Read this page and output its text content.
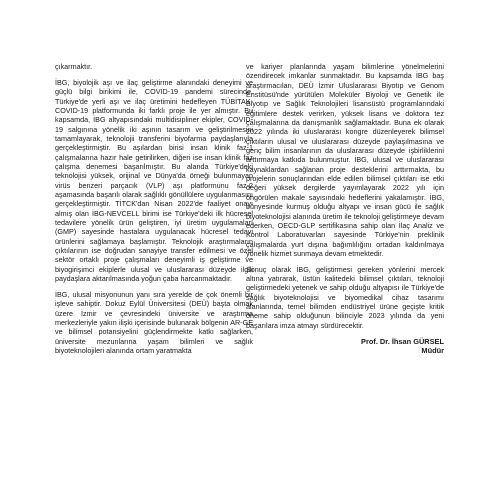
çıkarmaktır.

İBG, biyolojik aşı ve ilaç geliştirme alanındaki deneyimi ve güçlü bilgi birikimi ile, COVID-19 pandemi sürecinde, Türkiye'de yerli aşı ve ilaç üretimini hedefleyen TÜBİTAK-COVID-19 platformunda iki farklı proje ile yer almıştır. Bu kapsamda, İBG altyapısındaki multidisipliner ekipler, COVID-19 salgınına yönelik iki aşının tasarım ve geliştirilmesini tamamlayarak, teknolojii transferini biyofarma paydaşlarıyla gerçekleştirmiştir. Bu aşılardan birisi insan klinik faz-1 çalışmalarına hazır hale getirilirken, diğeri ise insan klinik faz çalışma denemesi başarılmıştır. Bu alanda Türkiye'deki teknolojisi yüksek, orijinal ve Dünya'da örneği bulunmayan virüs benzeri parçacık (VLP) aşı platformunu faz-2 aşamasında başarılı olarak sağlıklı gönüllülere uygulanmasını gerçekleştirmiştir. TİTCK'dan Nisan 2022'de faaliyet onayı almış olan İBG-NEVCELL birimi ise Türkiye'deki ilk hücresel tedavilere yönelik ürün geliştiren, iyi üretim uygulamaları (GMP) sayesinde hastalara uygulanacak hücresel tedavi ürünlerini sağlamaya başlamıştır. Teknolojik araştırmaların çıktılarının ise doğrudan sanayiye transfer edilmesi ve özel sektör ortaklı proje çalışmaları deneyimli iş geliştirme ve biyogirişimci ekiplerle ulusal ve uluslararası düzeyde ilgili paydaşlara aktarılmasında yoğun çaba harcanmaktadır.

İBG, ulusal misyonunun yanı sıra yerelde de çok önemli bir işleve sahiptir. Dokuz Eylül Üniversitesi (DEÜ) başta olmak üzere İzmir ve çevresindeki üniversite ve araştırma merkezleriyle yakın ilişki içerisinde bulunarak bölgenin AR-GE ve bilimsel potansiyelini güçlendirmekte katkı sağlarken, üniversite mezunlarına yaşam bilimleri ve sağlık biyoteknolojileri alanında ortam yaratmakta

ve kariyer planlarında yaşam bilimlerine yönelmelerini özendirecek imkanlar sunmaktadır. Bu kapsamda İBG baş araştırmacıları, DEÜ İzmir Uluslararası Biyotıp ve Genom Enstitüsü'nde yürütülen Moleküler Biyoloji ve Genetik ile Biyotıp ve Sağlık Teknolojileri lisansüstü programlarındaki eğitimlere destek verirken, yüksek lisans ve doktora tez çalışmalarına da danışmanlık sağlamaktadır. Buna ek olarak 2022 yılında iki uluslararası kongre düzenleyerek bilimsel çıktıların ulusal ve uluslararası düzeyde paylaşılmasına ve genç bilim insanlarının da uluslararası düzeyde işbirliklerini arttırmaya katkıda bulunmuştur. İBG, ulusal ve uluslararası kaynaklardan sağlanan proje desteklerini arttırmakta, bu projelerin sonuçlarından elde edilen bilimsel çıktıları ise etki değeri yüksek dergilerde yayımlayarak 2022 yılı için öngörülen makale sayısındaki hedeflerini yakalamıştır. İBG, bünyesinde kurmuş olduğu altyapı ve insan gücü ile sağlık biyoteknolojisi alanında üretim ile teknoloji geliştirmeye devam ederken, OECD-GLP sertifikasına sahip olan İlaç Analiz ve Kontrol Laboratuvarları sayesinde Türkiye'nin preklinik çalışmalarda yurt dışına bağımlılığını ortadan kaldırılmaya yönelik hizmet sunmaya devam etmektedir.

Sonuç olarak İBG, geliştirmesi gereken yönlerini mercek altına yatırarak, üstün kalitedeki bilimsel çıktıları, teknoloji geliştirmedeki yetenek ve sahip olduğu altyapısı ile Türkiye'de sağlık biyoteknolojisi ve biyomedikal cihaz tasarımı alanlarında, temel bilimden endüstriyel ürüne geçişte kritik öneme sahip olduğunun bilinciyle 2023 yılında da yeni başarılara imza atmayı sürdürecektir.

Prof. Dr. İhsan GÜRSEL
Müdür
